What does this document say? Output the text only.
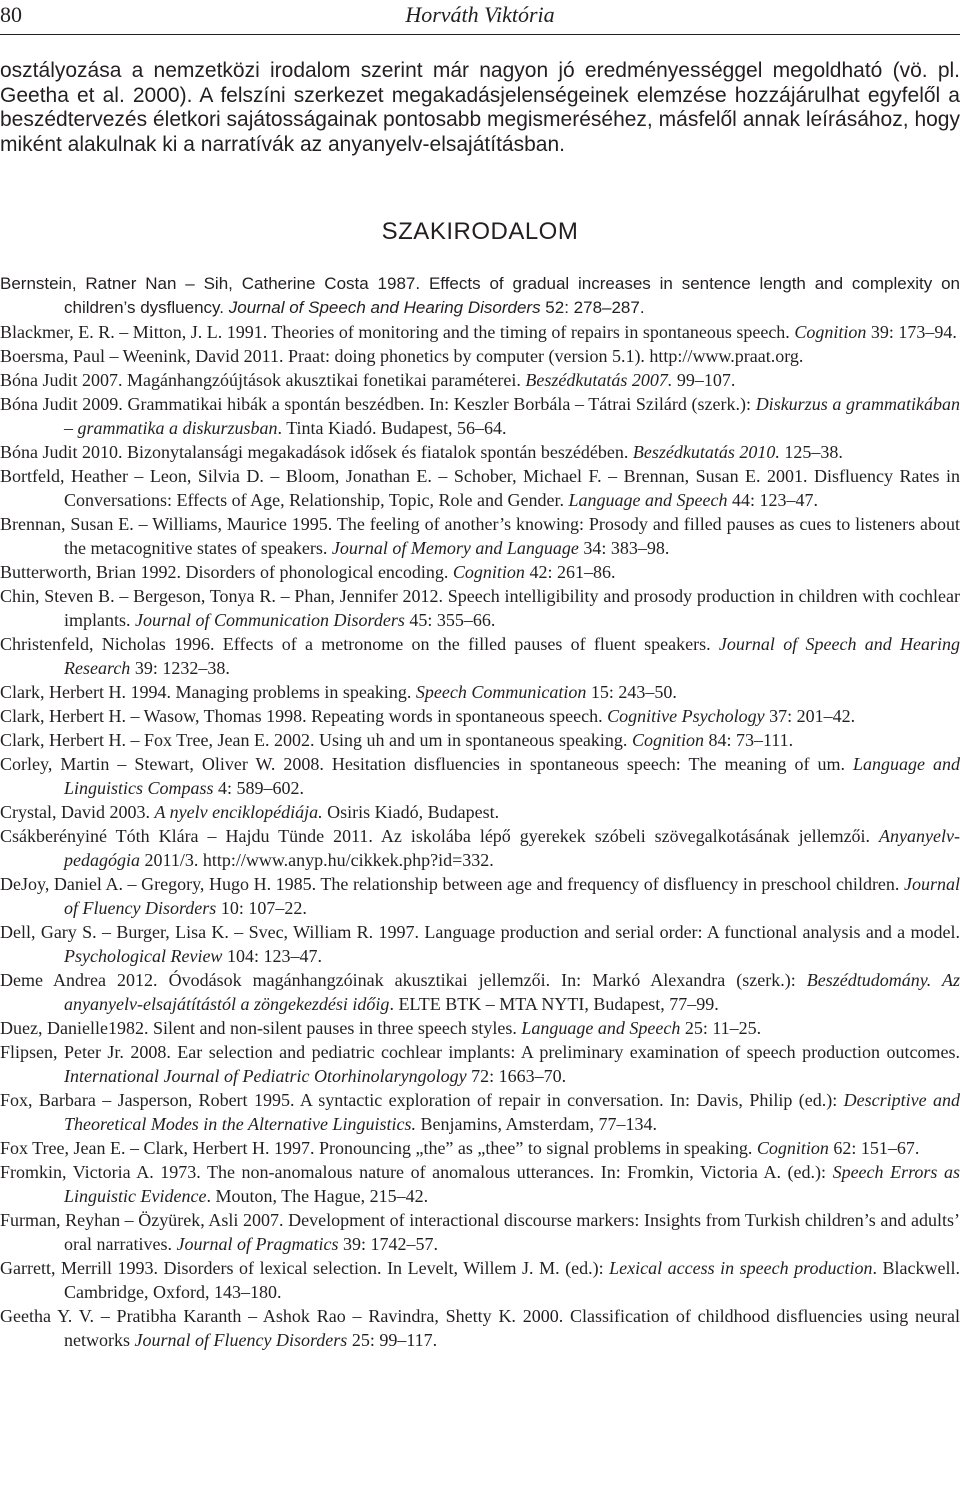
80	Horváth Viktória

osztályozása a nemzetközi irodalom szerint már nagyon jó eredményességgel megoldható (vö. pl. Geetha et al. 2000). A felszíni szerkezet megakadásjelenségeinek elemzése hozzájárulhat egyfelől a beszédtervezés életkori sajátosságainak pontosabb megismeréséhez, másfelől annak leírásához, hogy miként alakulnak ki a narratívák az anyanyelv-elsajátításban.

SZAKIRODALOM

Bernstein, Ratner Nan – Sih, Catherine Costa 1987. Effects of gradual increases in sentence length and complexity on children’s dysfluency. Journal of Speech and Hearing Disorders 52: 278–287.

Blackmer, E. R. – Mitton, J. L. 1991. Theories of monitoring and the timing of repairs in spontaneous speech. Cognition 39: 173–94.

Boersma, Paul – Weenink, David 2011. Praat: doing phonetics by computer (version 5.1). http://www.praat.org.

Bóna Judit 2007. Magánhangzóújtások akusztikai fonetikai paraméterei. Beszédkutatás 2007. 99–107.

Bóna Judit 2009. Grammatikai hibák a spontán beszédben. In: Keszler Borbála – Tátrai Szilárd (szerk.): Diskurzus a grammatikában – grammatika a diskurzusban. Tinta Kiadó. Budapest, 56–64.

Bóna Judit 2010. Bizonytalansági megakadások idősek és fiatalok spontán beszédében. Beszédkutatás 2010. 125–38.

Bortfeld, Heather – Leon, Silvia D. – Bloom, Jonathan E. – Schober, Michael F. – Brennan, Susan E. 2001. Disfluency Rates in Conversations: Effects of Age, Relationship, Topic, Role and Gender. Language and Speech 44: 123–47.

Brennan, Susan E. – Williams, Maurice 1995. The feeling of another’s knowing: Prosody and filled pauses as cues to listeners about the metacognitive states of speakers. Journal of Memory and Language 34: 383–98.

Butterworth, Brian 1992. Disorders of phonological encoding. Cognition 42: 261–86.

Chin, Steven B. – Bergeson, Tonya R. – Phan, Jennifer 2012. Speech intelligibility and prosody production in children with cochlear implants. Journal of Communication Disorders 45: 355–66.

Christenfeld, Nicholas 1996. Effects of a metronome on the filled pauses of fluent speakers. Journal of Speech and Hearing Research 39: 1232–38.

Clark, Herbert H. 1994. Managing problems in speaking. Speech Communication 15: 243–50.

Clark, Herbert H. – Wasow, Thomas 1998. Repeating words in spontaneous speech. Cognitive Psychology 37: 201–42.

Clark, Herbert H. – Fox Tree, Jean E. 2002. Using uh and um in spontaneous speaking. Cognition 84: 73–111.

Corley, Martin – Stewart, Oliver W. 2008. Hesitation disfluencies in spontaneous speech: The meaning of um. Language and Linguistics Compass 4: 589–602.

Crystal, David 2003. A nyelv enciklopédiája. Osiris Kiadó, Budapest.

Csákberényiné Tóth Klára – Hajdu Tünde 2011. Az iskolába lépő gyerekek szóbeli szövegalkotásának jellemzői. Anyanyelv-pedagógia 2011/3. http://www.anyp.hu/cikkek.php?id=332.

DeJoy, Daniel A. – Gregory, Hugo H. 1985. The relationship between age and frequency of disfluency in preschool children. Journal of Fluency Disorders 10: 107–22.

Dell, Gary S. – Burger, Lisa K. – Svec, William R. 1997. Language production and serial order: A functional analysis and a model. Psychological Review 104: 123–47.

Deme Andrea 2012. Óvodások magánhangzóinak akusztikai jellemzői. In: Markó Alexandra (szerk.): Beszédtudomány. Az anyanyelv-elsajátítástól a zöngekezdési időig. ELTE BTK – MTA NYTI, Budapest, 77–99.

Duez, Danielle1982. Silent and non-silent pauses in three speech styles. Language and Speech 25: 11–25.

Flipsen, Peter Jr. 2008. Ear selection and pediatric cochlear implants: A preliminary examination of speech production outcomes. International Journal of Pediatric Otorhinolaryngology 72: 1663–70.

Fox, Barbara – Jasperson, Robert 1995. A syntactic exploration of repair in conversation. In: Davis, Philip (ed.): Descriptive and Theoretical Modes in the Alternative Linguistics. Benjamins, Amsterdam, 77–134.

Fox Tree, Jean E. – Clark, Herbert H. 1997. Pronouncing „the” as „thee” to signal problems in speaking. Cognition 62: 151–67.

Fromkin, Victoria A. 1973. The non-anomalous nature of anomalous utterances. In: Fromkin, Victoria A. (ed.): Speech Errors as Linguistic Evidence. Mouton, The Hague, 215–42.

Furman, Reyhan – Özyürek, Asli 2007. Development of interactional discourse markers: Insights from Turkish children’s and adults’ oral narratives. Journal of Pragmatics 39: 1742–57.

Garrett, Merrill 1993. Disorders of lexical selection. In Levelt, Willem J. M. (ed.): Lexical access in speech production. Blackwell. Cambridge, Oxford, 143–180.

Geetha Y. V. – Pratibha Karanth – Ashok Rao – Ravindra, Shetty K. 2000. Classification of childhood disfluencies using neural networks Journal of Fluency Disorders 25: 99–117.
